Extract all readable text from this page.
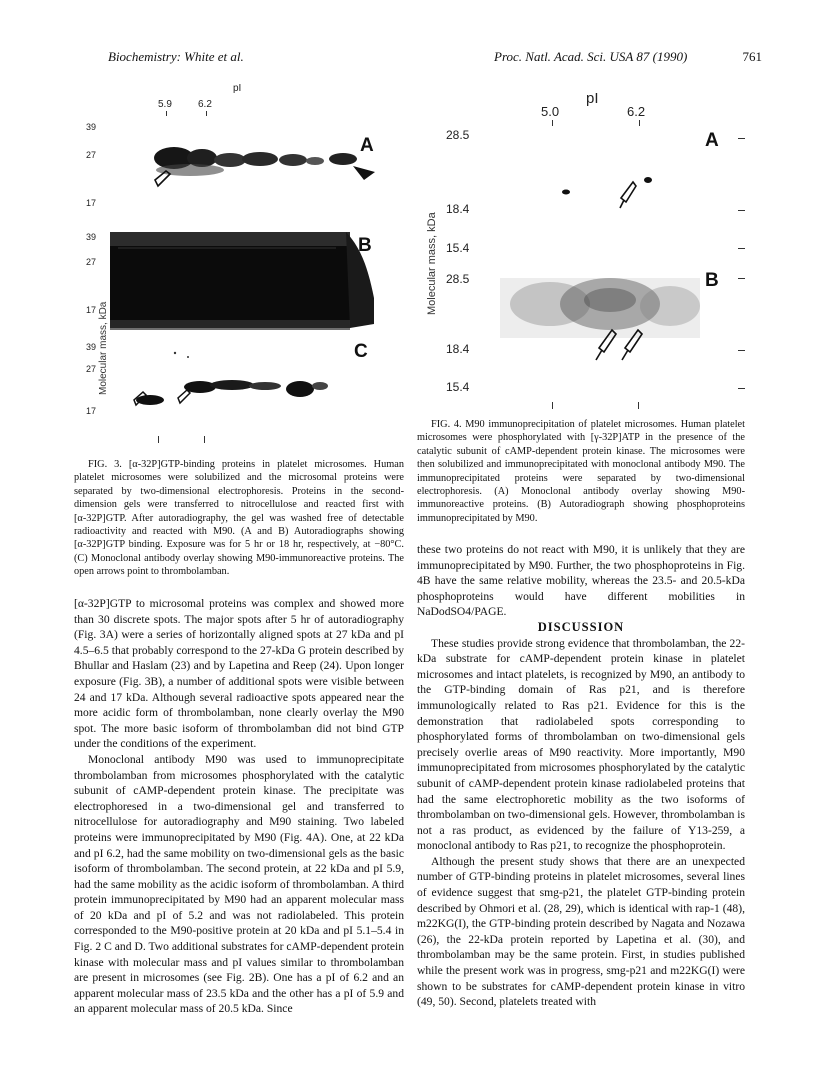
Biochemistry: White et al.	Proc. Natl. Acad. Sci. USA 87 (1990)	761
pI
5.9	6.2
Molecular mass, kDa
39
27
17
A
39
27
17
B
39
27
17
C

FIG. 3. [α-32P]GTP-binding proteins in platelet microsomes. Human platelet microsomes were solubilized and the microsomal proteins were separated by two-dimensional electrophoresis. Proteins in the second-dimension gels were transferred to nitrocellulose and reacted first with [α-32P]GTP. After autoradiography, the gel was washed free of detectable radioactivity and reacted with M90. (A and B) Autoradiographs showing [α-32P]GTP binding. Exposure was for 5 hr or 18 hr, respectively, at −80°C. (C) Monoclonal antibody overlay showing M90-immunoreactive proteins. The open arrows point to thrombolamban.

pI
5.0	6.2
Molecular mass, kDa
28.5
18.4
15.4
A
28.5
18.4
15.4
B

FIG. 4. M90 immunoprecipitation of platelet microsomes. Human platelet microsomes were phosphorylated with [γ-32P]ATP in the presence of the catalytic subunit of cAMP-dependent protein kinase. The microsomes were then solubilized and immunoprecipitated with monoclonal antibody M90. The immunoprecipitated proteins were separated by two-dimensional electrophoresis. (A) Monoclonal antibody overlay showing M90-immunoreactive proteins. (B) Autoradiograph showing phosphoproteins immunoprecipitated by M90.

[α-32P]GTP to microsomal proteins was complex and showed more than 30 discrete spots. The major spots after 5 hr of autoradiography (Fig. 3A) were a series of horizontally aligned spots at 27 kDa and pI 4.5–6.5 that probably correspond to the 27-kDa G protein described by Bhullar and Haslam (23) and by Lapetina and Reep (24). Upon longer exposure (Fig. 3B), a number of additional spots were visible between 24 and 17 kDa. Although several radioactive spots appeared near the more acidic form of thrombolamban, none clearly overlay the M90 spot. The more basic isoform of thrombolamban did not bind GTP under the conditions of the experiment.

Monoclonal antibody M90 was used to immunoprecipitate thrombolamban from microsomes phosphorylated with the catalytic subunit of cAMP-dependent protein kinase. The precipitate was electrophoresed in a two-dimensional gel and transferred to nitrocellulose for autoradiography and M90 staining. Two labeled proteins were immunoprecipitated by M90 (Fig. 4A). One, at 22 kDa and pI 6.2, had the same mobility on two-dimensional gels as the basic isoform of thrombolamban. The second protein, at 22 kDa and pI 5.9, had the same mobility as the acidic isoform of thrombolamban. A third protein immunoprecipitated by M90 had an apparent molecular mass of 20 kDa and pI of 5.2 and was not radiolabeled. This protein corresponded to the M90-positive protein at 20 kDa and pI 5.1–5.4 in Fig. 2 C and D. Two additional substrates for cAMP-dependent protein kinase with molecular mass and pI values similar to thrombolamban are present in microsomes (see Fig. 2B). One has a pI of 6.2 and an apparent molecular mass of 23.5 kDa and the other has a pI of 5.9 and an apparent molecular mass of 20.5 kDa. Since

these two proteins do not react with M90, it is unlikely that they are immunoprecipitated by M90. Further, the two phosphoproteins in Fig. 4B have the same relative mobility, whereas the 23.5- and 20.5-kDa phosphoproteins would have different mobilities in NaDodSO4/PAGE.

DISCUSSION

These studies provide strong evidence that thrombolamban, the 22-kDa substrate for cAMP-dependent protein kinase in platelet microsomes and intact platelets, is recognized by M90, an antibody to the GTP-binding domain of Ras p21, and is therefore immunologically related to Ras p21. Evidence for this is the demonstration that radiolabeled spots corresponding to phosphorylated forms of thrombolamban on two-dimensional gels precisely overlie areas of M90 reactivity. More importantly, M90 immunoprecipitated from microsomes phosphorylated by the catalytic subunit of cAMP-dependent protein kinase radiolabeled proteins that had the same electrophoretic mobility as the two isoforms of thrombolamban on two-dimensional gels. However, thrombolamban is not a ras product, as evidenced by the failure of Y13-259, a monoclonal antibody to Ras p21, to recognize the phosphoprotein.

Although the present study shows that there are an unexpected number of GTP-binding proteins in platelet microsomes, several lines of evidence suggest that smg-p21, the platelet GTP-binding protein described by Ohmori et al. (28, 29), which is identical with rap-1 (48), m22KG(I), the GTP-binding protein described by Nagata and Nozawa (26), the 22-kDa protein reported by Lapetina et al. (30), and thrombolamban may be the same protein. First, in studies published while the present work was in progress, smg-p21 and m22KG(I) were shown to be substrates for cAMP-dependent protein kinase in vitro (49, 50). Second, platelets treated with
